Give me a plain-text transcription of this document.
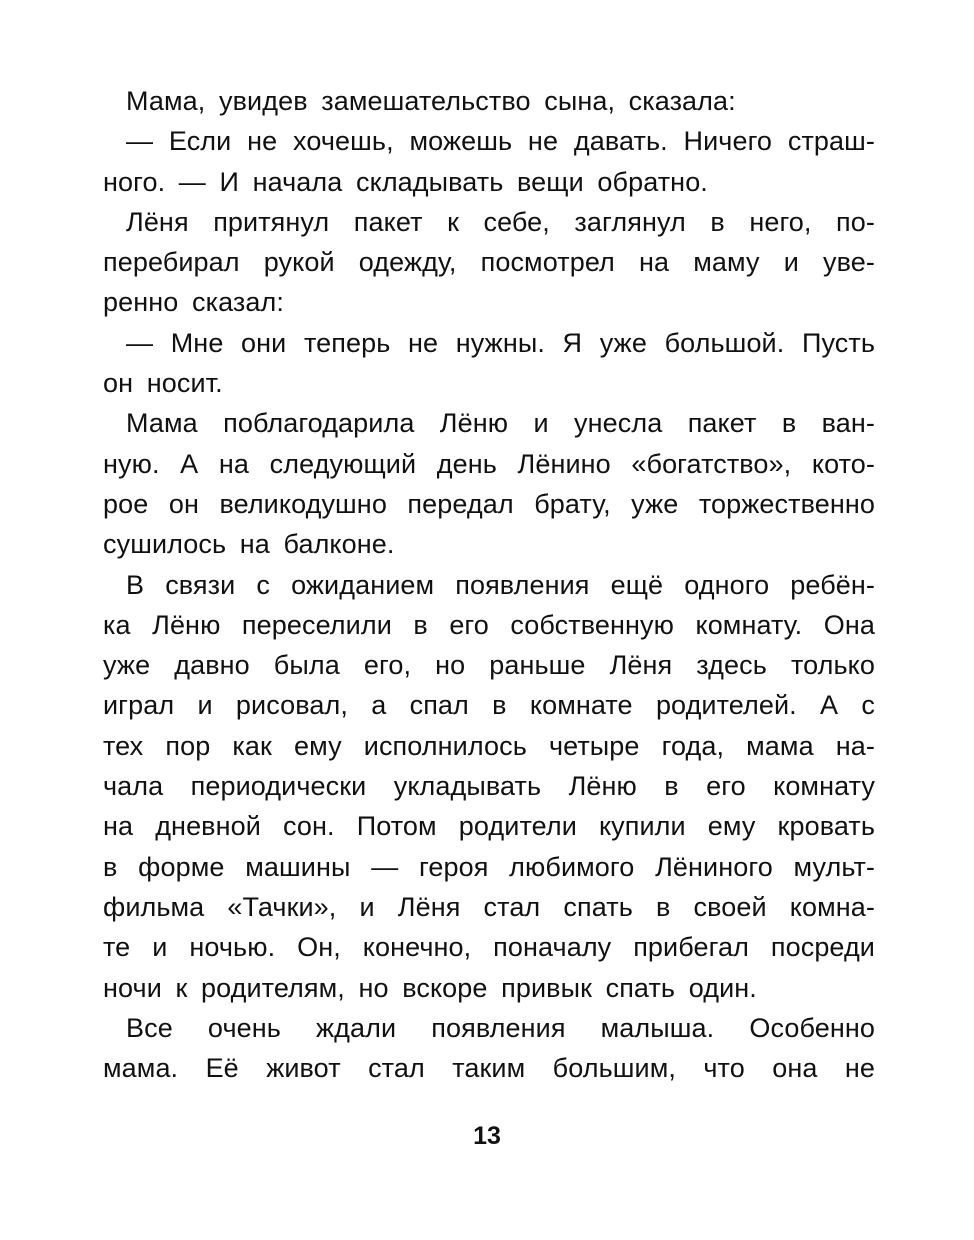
Мама, увидев замешательство сына, сказала:
— Если не хочешь, можешь не давать. Ничего страш-
ного. — И начала складывать вещи обратно.
Лёня притянул пакет к себе, заглянул в него, по-
перебирал рукой одежду, посмотрел на маму и уве-
ренно сказал:
— Мне они теперь не нужны. Я уже большой. Пусть
он носит.
Мама поблагодарила Лёню и унесла пакет в ван-
ную. А на следующий день Лёнино «богатство», кото-
рое он великодушно передал брату, уже торжественно
сушилось на балконе.
В связи с ожиданием появления ещё одного ребён-
ка Лёню переселили в его собственную комнату. Она
уже давно была его, но раньше Лёня здесь только
играл и рисовал, а спал в комнате родителей. А с
тех пор как ему исполнилось четыре года, мама на-
чала периодически укладывать Лёню в его комнату
на дневной сон. Потом родители купили ему кровать
в форме машины — героя любимого Лёниного мульт-
фильма «Тачки», и Лёня стал спать в своей комна-
те и ночью. Он, конечно, поначалу прибегал посреди
ночи к родителям, но вскоре привык спать один.
Все очень ждали появления малыша. Особенно
мама. Её живот стал таким большим, что она не
13
